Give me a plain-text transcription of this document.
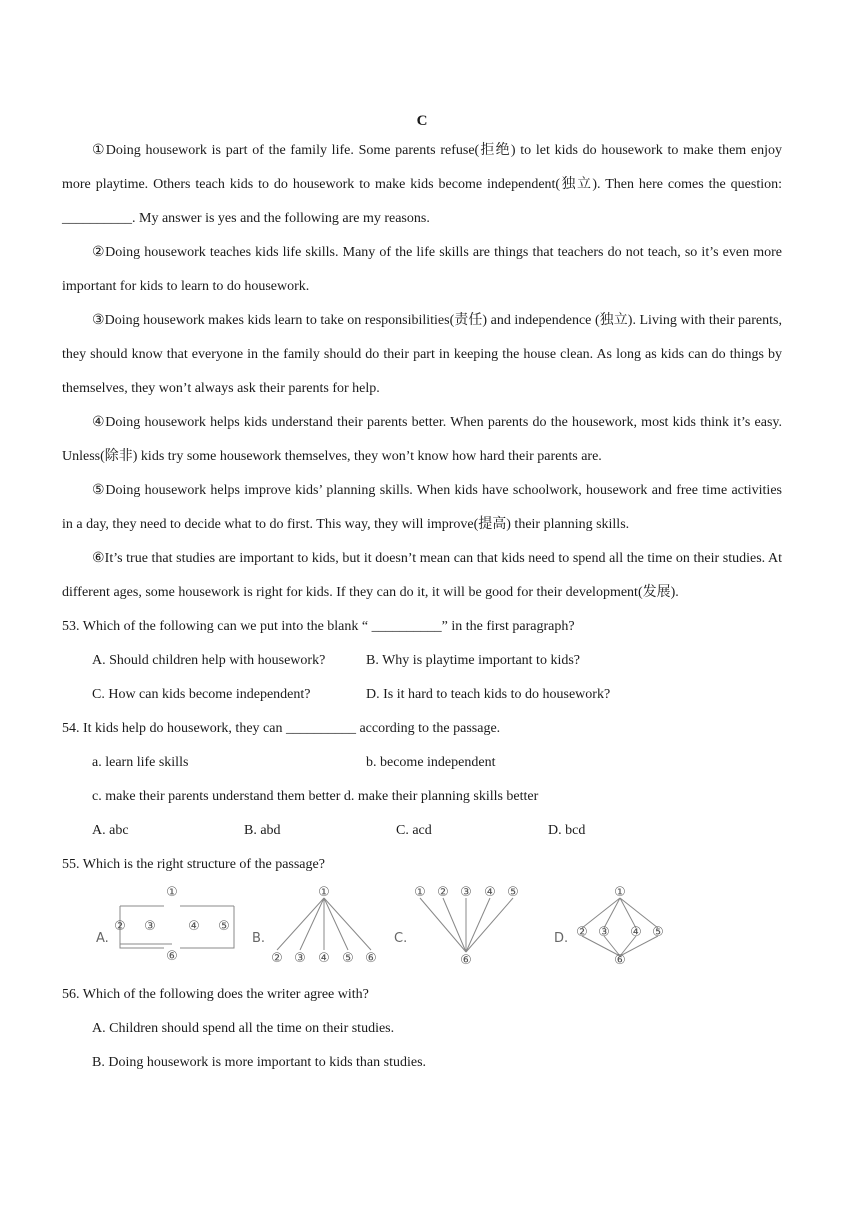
C
①Doing housework is part of the family life. Some parents refuse(拒绝) to let kids do housework to make them enjoy more playtime. Others teach kids to do housework to make kids become independent(独立). Then here comes the question: __________. My answer is yes and the following are my reasons.
②Doing housework teaches kids life skills. Many of the life skills are things that teachers do not teach, so it’s even more important for kids to learn to do housework.
③Doing housework makes kids learn to take on responsibilities(责任) and independence (独立). Living with their parents, they should know that everyone in the family should do their part in keeping the house clean. As long as kids can do things by themselves, they won’t always ask their parents for help.
④Doing housework helps kids understand their parents better. When parents do the housework, most kids think it’s easy. Unless(除非) kids try some housework themselves, they won’t know how hard their parents are.
⑤Doing housework helps improve kids’ planning skills. When kids have schoolwork, housework and free time activities in a day, they need to decide what to do first. This way, they will improve(提高) their planning skills.
⑥It’s true that studies are important to kids, but it doesn’t mean can that kids need to spend all the time on their studies. At different ages, some housework is right for kids. If they can do it, it will be good for their development(发展).
53. Which of the following can we put into the blank “ __________” in the first paragraph?
A. Should children help with housework?	B. Why is playtime important to kids?
C. How can kids become independent?	D. Is it hard to teach kids to do housework?
54. It kids help do housework, they can __________ according to the passage.
a. learn life skills	b. become independent
c. make their parents understand them better d. make their planning skills better
A. abc	B. abd	C. acd	D. bcd
55. Which is the right structure of the passage?
A.
①
② ③ ④ ⑤
⑥
B.
①
② ③ ④ ⑤ ⑥
C.
① ② ③ ④ ⑤
⑥
D.
①
② ③ ④ ⑤
⑥
56. Which of the following does the writer agree with?
A. Children should spend all the time on their studies.
B. Doing housework is more important to kids than studies.
